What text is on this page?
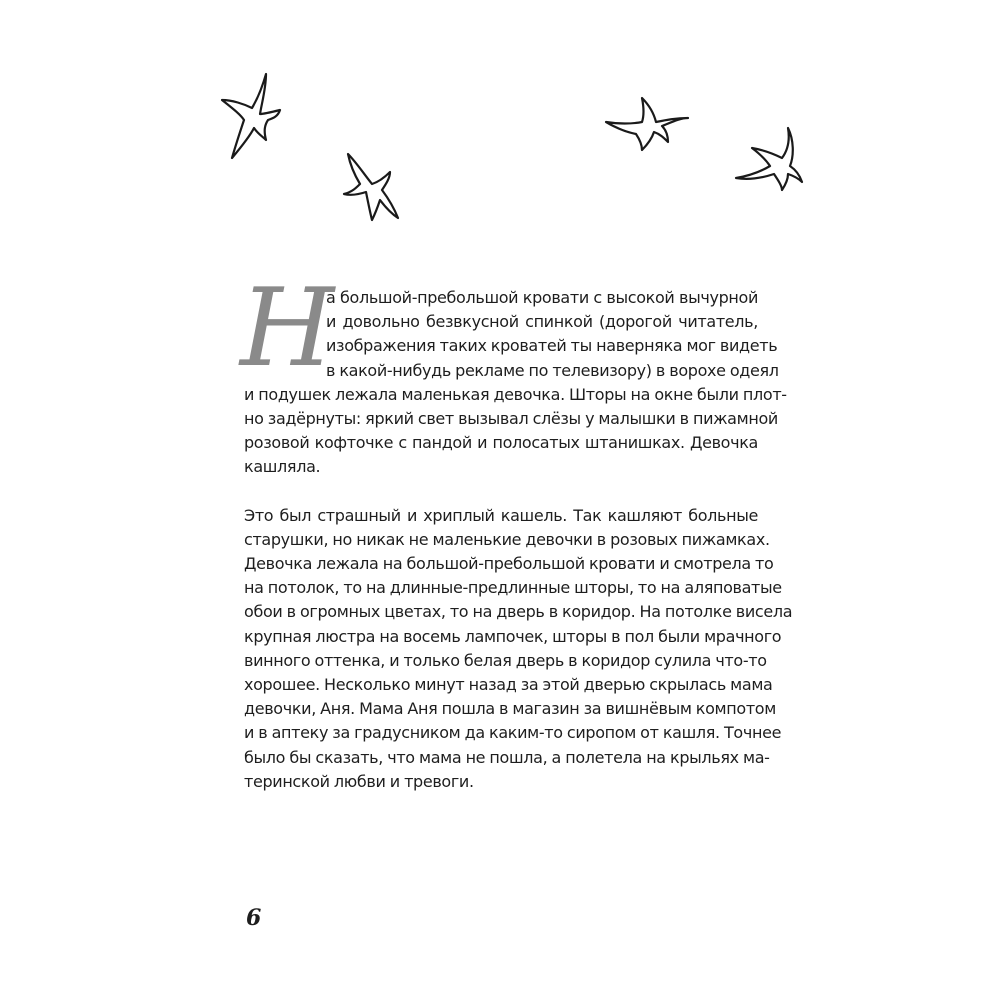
Н
а большой-пребольшой кровати с высокой вычурной
и довольно безвкусной спинкой (дорогой читатель,
изображения таких кроватей ты наверняка мог видеть
в какой-нибудь рекламе по телевизору) в ворохе одеял
и подушек лежала маленькая девочка. Шторы на окне были плот-
но задёрнуты: яркий свет вызывал слёзы у малышки в пижамной
розовой кофточке с пандой и полосатых штанишках. Девочка
кашляла.
Это был страшный и хриплый кашель. Так кашляют больные
старушки, но никак не маленькие девочки в розовых пижамках.
Девочка лежала на большой-пребольшой кровати и смотрела то
на потолок, то на длинные-предлинные шторы, то на аляповатые
обои в огромных цветах, то на дверь в коридор. На потолке висела
крупная люстра на восемь лампочек, шторы в пол были мрачного
винного оттенка, и только белая дверь в коридор сулила что-то
хорошее. Несколько минут назад за этой дверью скрылась мама
девочки, Аня. Мама Аня пошла в магазин за вишнёвым компотом
и в аптеку за градусником да каким-то сиропом от кашля. Точнее
было бы сказать, что мама не пошла, а полетела на крыльях ма-
теринской любви и тревоги.
6
